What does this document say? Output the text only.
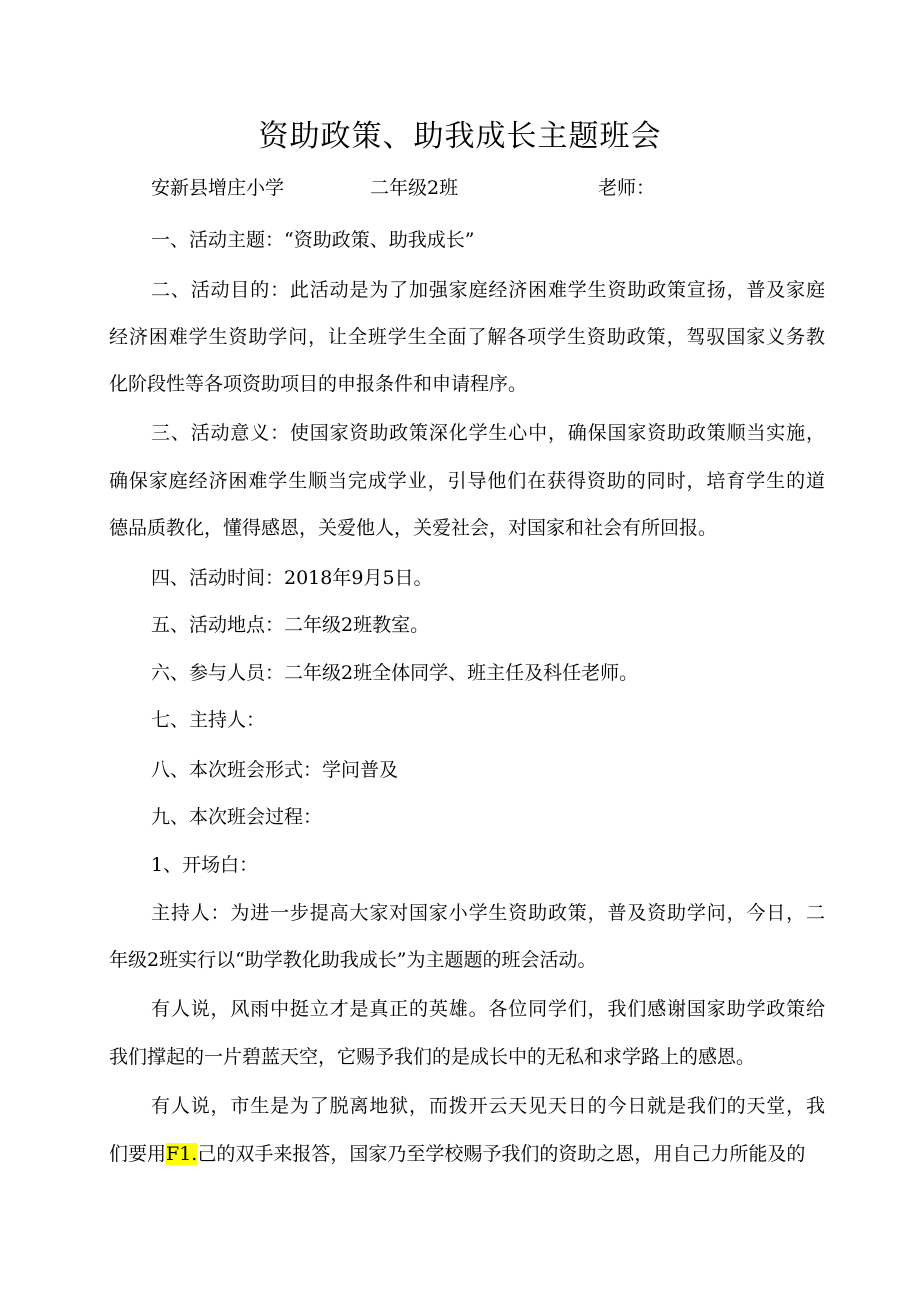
资助政策、助我成长主题班会
安新县增庄小学	二年级2班	老师：
一、活动主题：“资助政策、助我成长”
二、活动目的：此活动是为了加强家庭经济困难学生资助政策宣扬，普及家庭
经济困难学生资助学问，让全班学生全面了解各项学生资助政策，驾驭国家义务教
化阶段性等各项资助项目的申报条件和申请程序。
三、活动意义：使国家资助政策深化学生心中，确保国家资助政策顺当实施，
确保家庭经济困难学生顺当完成学业，引导他们在获得资助的同时，培育学生的道
德品质教化，懂得感恩，关爱他人，关爱社会，对国家和社会有所回报。
四、活动时间：2018年9月5日。
五、活动地点：二年级2班教室。
六、参与人员：二年级2班全体同学、班主任及科任老师。
七、主持人：
八、本次班会形式：学问普及
九、本次班会过程：
1、开场白：
主持人：为进一步提高大家对国家小学生资助政策，普及资助学问，今日，二
年级2班实行以“助学教化助我成长”为主题题的班会活动。
有人说，风雨中挺立才是真正的英雄。各位同学们，我们感谢国家助学政策给
我们撑起的一片碧蓝天空，它赐予我们的是成长中的无私和求学路上的感恩。
有人说，市生是为了脱离地狱，而拨开云天见天日的今日就是我们的天堂，我
们要用F1.己的双手来报答，国家乃至学校赐予我们的资助之恩，用自己力所能及的
